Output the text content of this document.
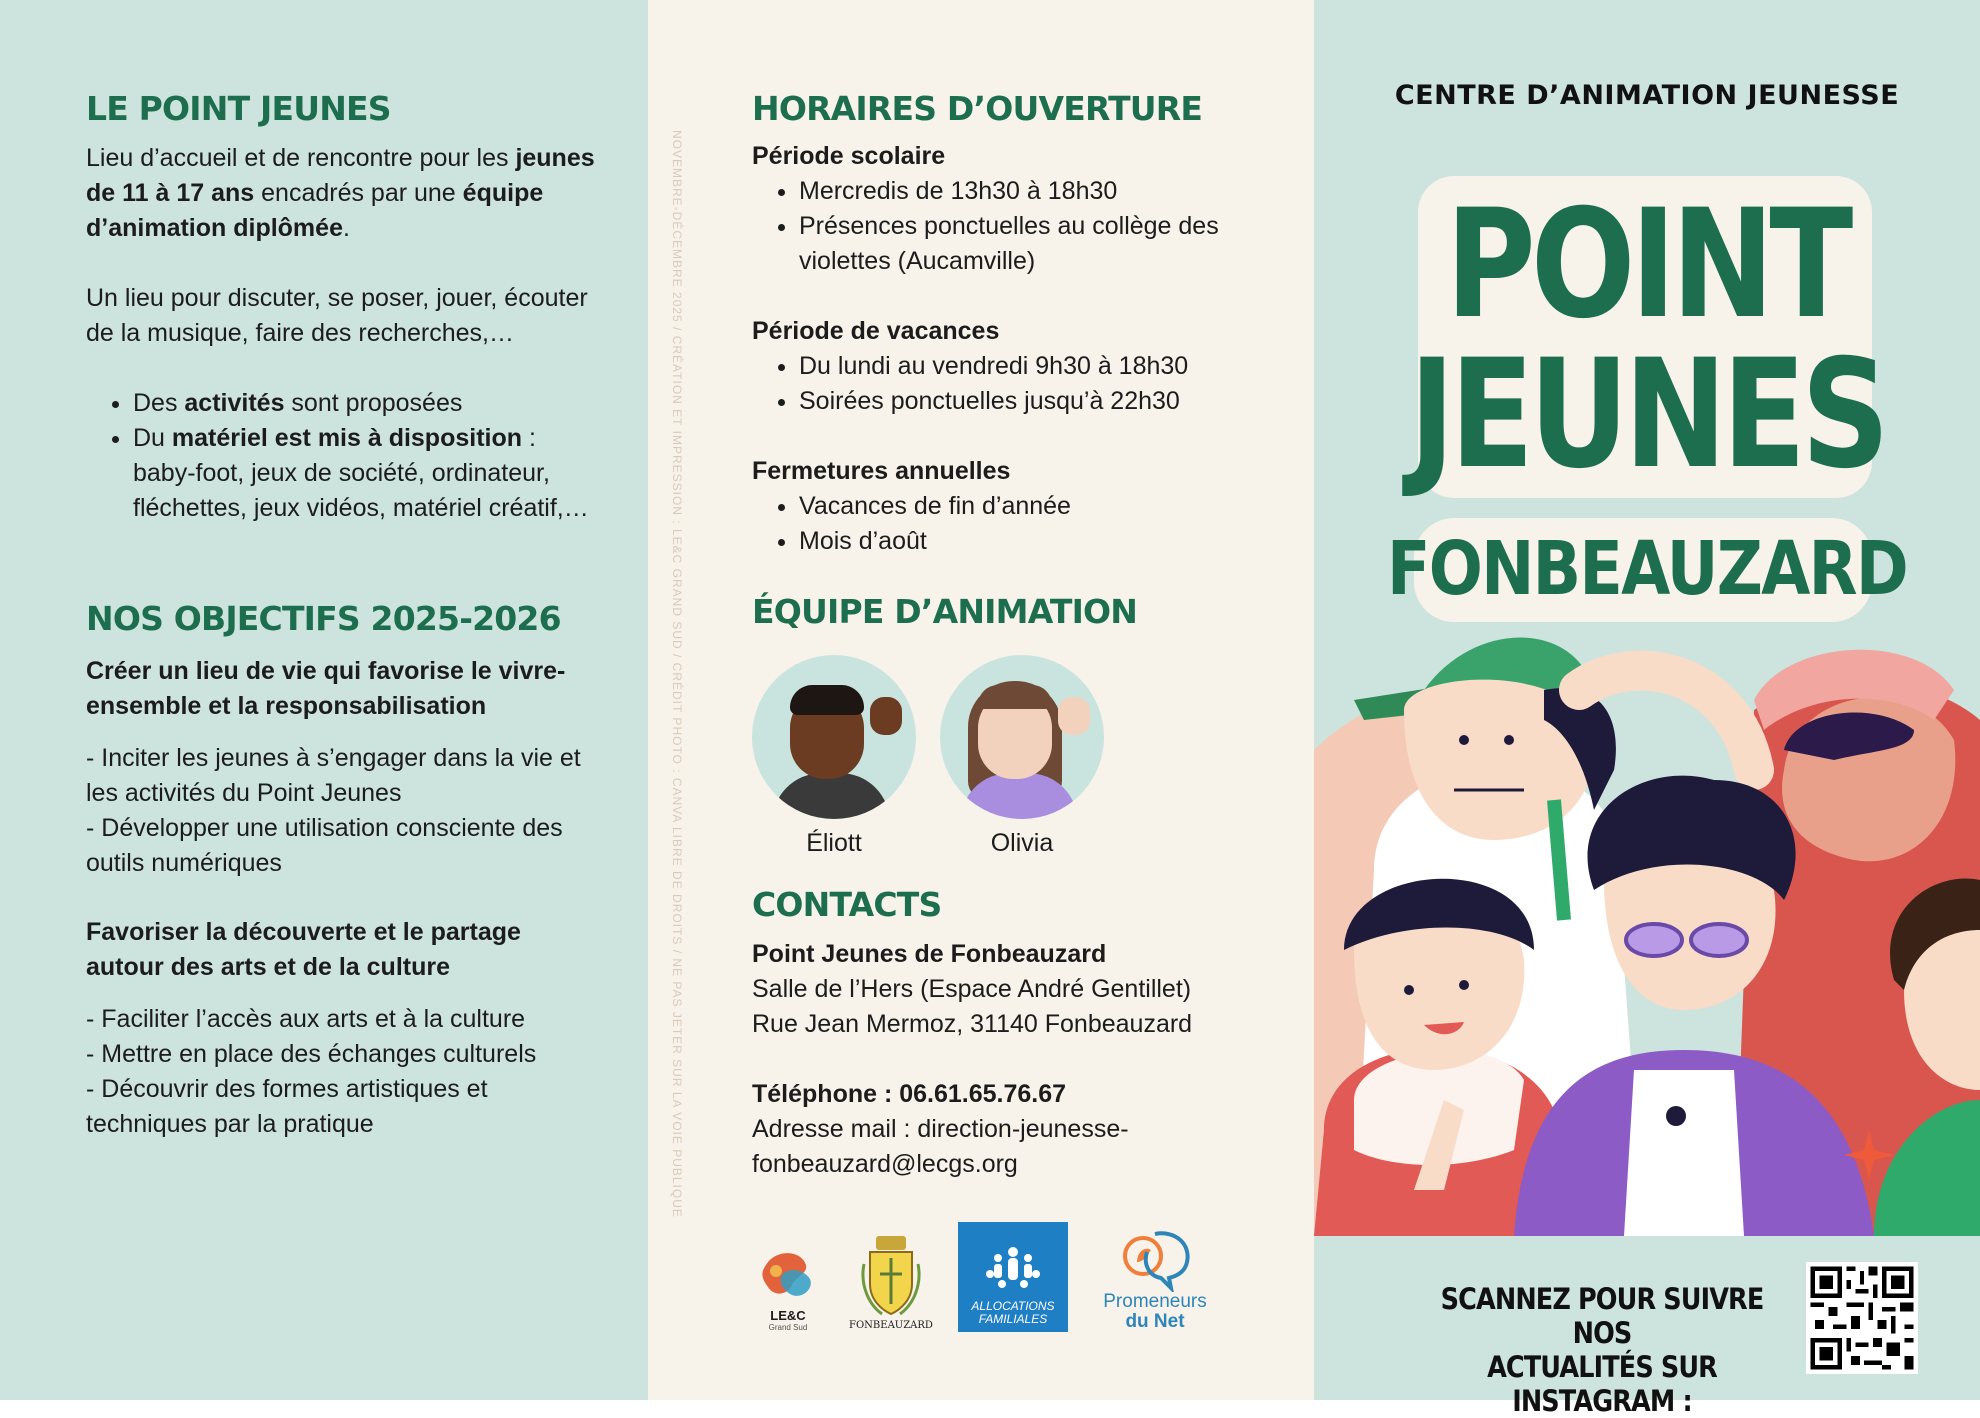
LE POINT JEUNES

Lieu d’accueil et de rencontre pour les jeunes de 11 à 17 ans encadrés par une équipe d’animation diplômée.

Un lieu pour discuter, se poser, jouer, écouter de la musique, faire des recherches,…

• Des activités sont proposées
• Du matériel est mis à disposition : baby-foot, jeux de société, ordinateur, fléchettes, jeux vidéos, matériel créatif,…
NOS OBJECTIFS 2025-2026

Créer un lieu de vie qui favorise le vivre-ensemble et la responsabilisation

- Inciter les jeunes à s’engager dans la vie et les activités du Point Jeunes

- Développer une utilisation consciente des outils numériques

Favoriser la découverte et le partage autour des arts et de la culture

- Faciliter l’accès aux arts et à la culture

- Mettre en place des échanges culturels

- Découvrir des formes artistiques et techniques par la pratique

HORAIRES D’OUVERTURE

Période scolaire

• Mercredis de 13h30 à 18h30
• Présences ponctuelles au collège des violettes (Aucamville)

Période de vacances

• Du lundi au vendredi 9h30 à 18h30
• Soirées ponctuelles jusqu’à 22h30

Fermetures annuelles

• Vacances de fin d’année
• Mois d’août
ÉQUIPE D’ANIMATION
Éliott	Olivia
CONTACTS

Point Jeunes de Fonbeauzard

Salle de l’Hers (Espace André Gentillet)

Rue Jean Mermoz, 31140 Fonbeauzard

Téléphone : 06.61.65.76.67

Adresse mail : direction-jeunesse-

fonbeauzard@lecgs.org

LE&C
Grand Sud	FONBEAUZARD
ALLOCATIONS
FAMILIALES
Promeneurs
du Net
NOVEMBRE-DÉCEMBRE 2025 / CRÉATION ET IMPRESSION : LE&C GRAND SUD / CRÉDIT PHOTO : CANVA LIBRE DE DROITS / NE PAS JETER SUR LA VOIE PUBLIQUE
CENTRE D’ANIMATION JEUNESSE
POINT
JEUNES
FONBEAUZARD
SCANNEZ POUR SUIVRE NOS
ACTUALITÉS SUR INSTAGRAM :
